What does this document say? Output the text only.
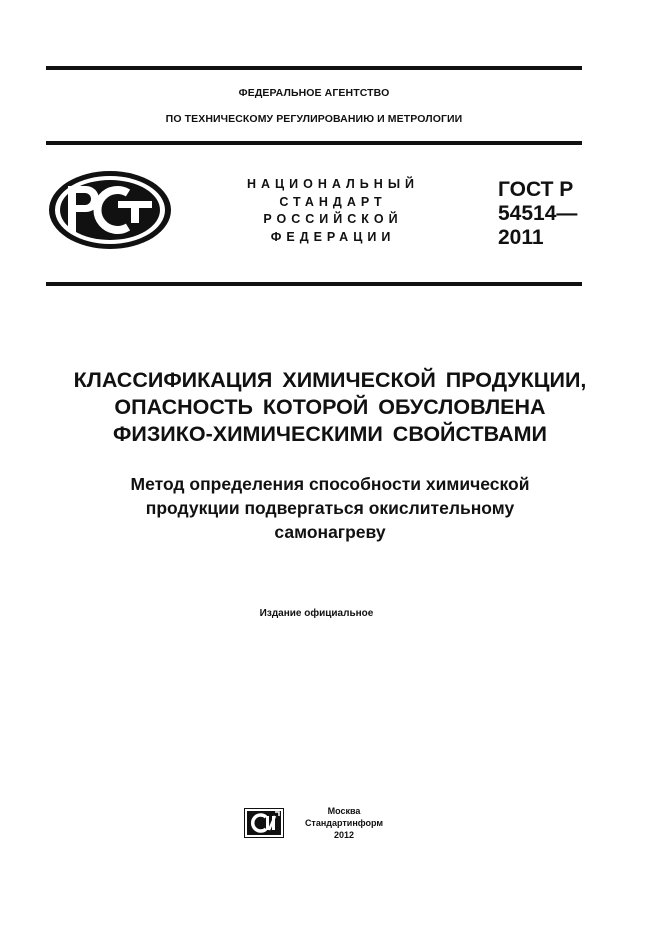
ФЕДЕРАЛЬНОЕ АГЕНТСТВО
ПО ТЕХНИЧЕСКОМУ РЕГУЛИРОВАНИЮ И МЕТРОЛОГИИ
НАЦИОНАЛЬНЫЙ
СТАНДАРТ
РОССИЙСКОЙ
ФЕДЕРАЦИИ
ГОСТ Р
54514—
2011
КЛАССИФИКАЦИЯ ХИМИЧЕСКОЙ ПРОДУКЦИИ,
ОПАСНОСТЬ КОТОРОЙ ОБУСЛОВЛЕНА
ФИЗИКО-ХИМИЧЕСКИМИ СВОЙСТВАМИ
Метод определения способности химической
продукции подвергаться окислительному
самонагреву
Издание официальное
Москва
Стандартинформ
2012
